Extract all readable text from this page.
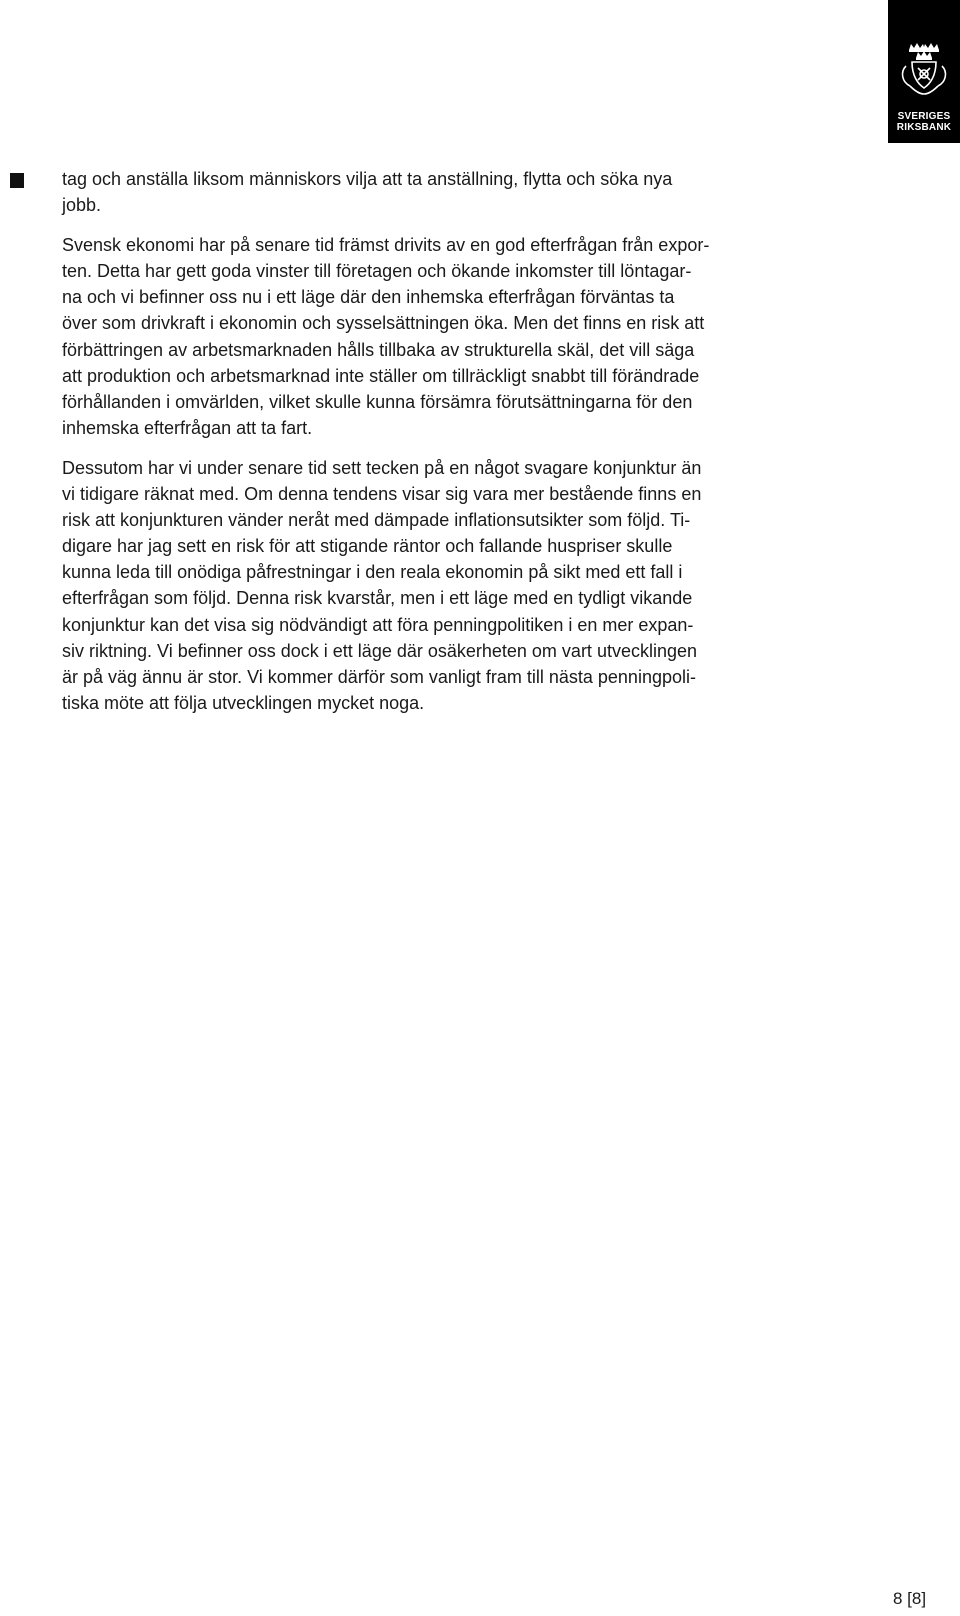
SVERIGES
RIKSBANK

tag och anställa liksom människors vilja att ta anställning, flytta och söka nya
jobb.

Svensk ekonomi har på senare tid främst drivits av en god efterfrågan från expor-
ten. Detta har gett goda vinster till företagen och ökande inkomster till löntagar-
na och vi befinner oss nu i ett läge där den inhemska efterfrågan förväntas ta
över som drivkraft i ekonomin och sysselsättningen öka. Men det finns en risk att
förbättringen av arbetsmarknaden hålls tillbaka av strukturella skäl, det vill säga
att produktion och arbetsmarknad inte ställer om tillräckligt snabbt till förändrade
förhållanden i omvärlden, vilket skulle kunna försämra förutsättningarna för den
inhemska efterfrågan att ta fart.

Dessutom har vi under senare tid sett tecken på en något svagare konjunktur än
vi tidigare räknat med. Om denna tendens visar sig vara mer bestående finns en
risk att konjunkturen vänder neråt med dämpade inflationsutsikter som följd. Ti-
digare har jag sett en risk för att stigande räntor och fallande huspriser skulle
kunna leda till onödiga påfrestningar i den reala ekonomin på sikt med ett fall i
efterfrågan som följd. Denna risk kvarstår, men i ett läge med en tydligt vikande
konjunktur kan det visa sig nödvändigt att föra penningpolitiken i en mer expan-
siv riktning. Vi befinner oss dock i ett läge där osäkerheten om vart utvecklingen
är på väg ännu är stor. Vi kommer därför som vanligt fram till nästa penningpoli-
tiska möte att följa utvecklingen mycket noga.

8 [8]
